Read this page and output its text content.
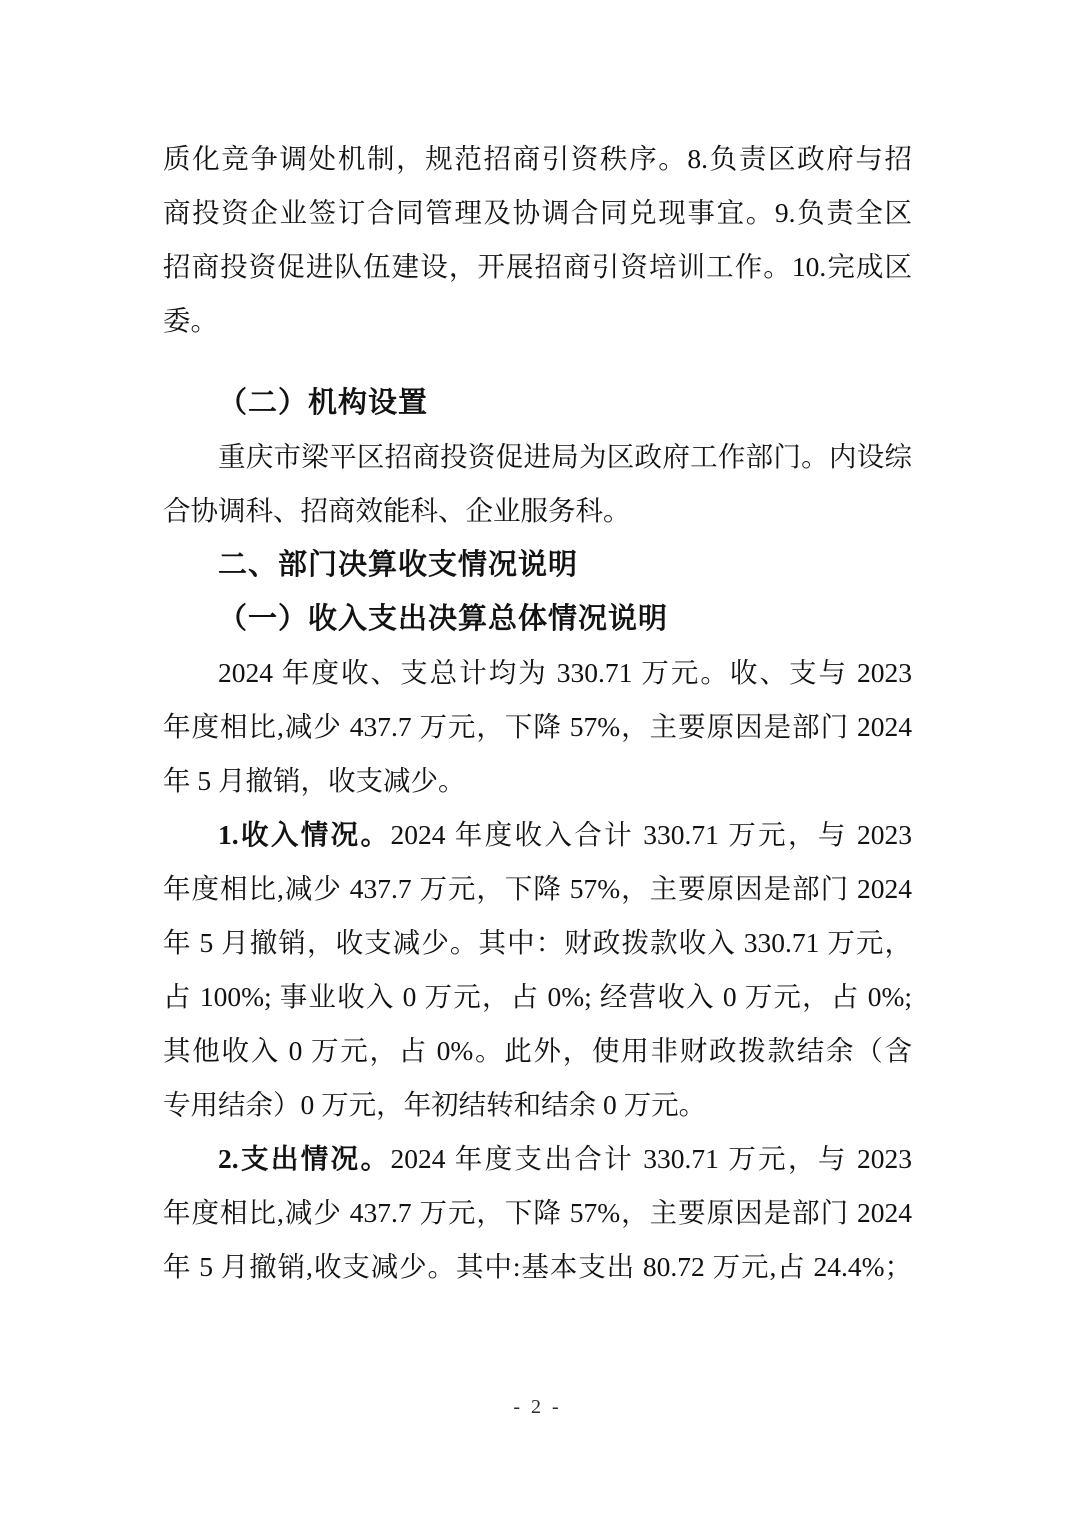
质化竞争调处机制，规范招商引资秩序。8.负责区政府与招
商投资企业签订合同管理及协调合同兑现事宜。9.负责全区
招商投资促进队伍建设，开展招商引资培训工作。10.完成区
委。
（二）机构设置
重庆市梁平区招商投资促进局为区政府工作部门。内设综
合协调科、招商效能科、企业服务科。
二、部门决算收支情况说明
（一）收入支出决算总体情况说明
2024 年度收、支总计均为 330.71 万元。收、支与 2023
年度相比,减少 437.7 万元，下降 57%，主要原因是部门 2024
年 5 月撤销，收支减少。
1.收入情况。2024 年度收入合计 330.71 万元，与 2023
年度相比,减少 437.7 万元，下降 57%，主要原因是部门 2024
年 5 月撤销，收支减少。其中：财政拨款收入 330.71 万元，
占 100%; 事业收入 0 万元，占 0%; 经营收入 0 万元，占 0%;
其他收入 0 万元，占 0%。此外，使用非财政拨款结余（含
专用结余）0 万元，年初结转和结余 0 万元。
2.支出情况。2024 年度支出合计 330.71 万元，与 2023
年度相比,减少 437.7 万元，下降 57%，主要原因是部门 2024
年 5 月撤销,收支减少。其中:基本支出 80.72 万元,占 24.4%；
- 2 -
